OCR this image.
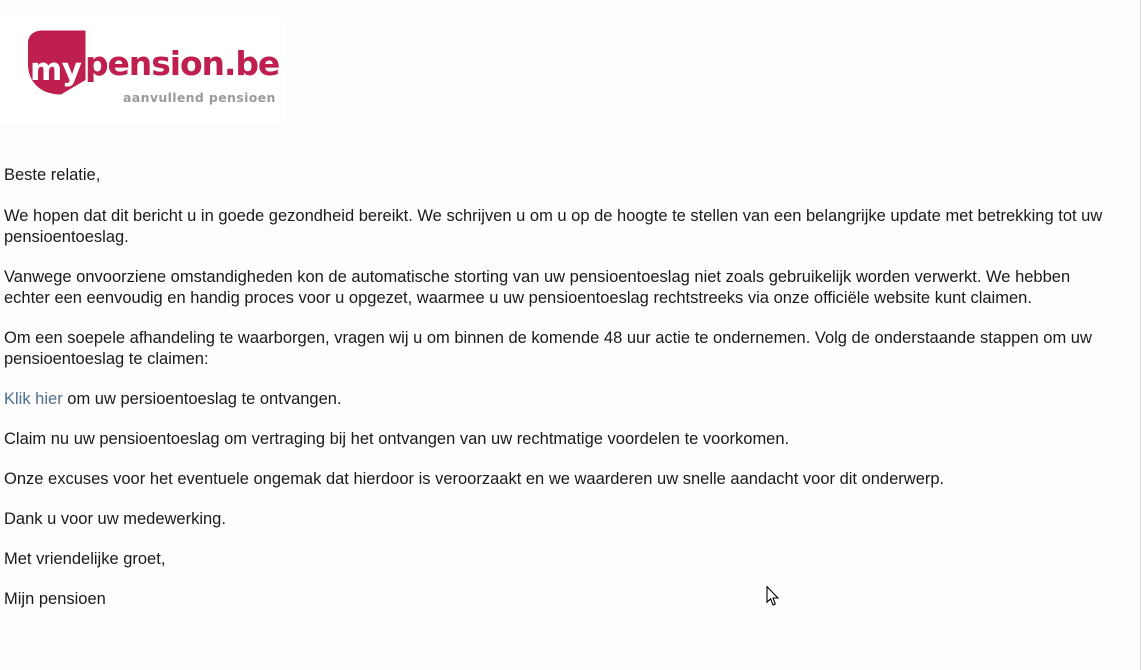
my pension.be
aanvullend pensioen

Beste relatie,

We hopen dat dit bericht u in goede gezondheid bereikt. We schrijven u om u op de hoogte te stellen van een belangrijke update met betrekking tot uw pensioentoeslag.

Vanwege onvoorziene omstandigheden kon de automatische storting van uw pensioentoeslag niet zoals gebruikelijk worden verwerkt. We hebben echter een eenvoudig en handig proces voor u opgezet, waarmee u uw pensioentoeslag rechtstreeks via onze officiële website kunt claimen.

Om een soepele afhandeling te waarborgen, vragen wij u om binnen de komende 48 uur actie te ondernemen. Volg de onderstaande stappen om uw pensioentoeslag te claimen:

Klik hier om uw persioentoeslag te ontvangen.

Claim nu uw pensioentoeslag om vertraging bij het ontvangen van uw rechtmatige voordelen te voorkomen.

Onze excuses voor het eventuele ongemak dat hierdoor is veroorzaakt en we waarderen uw snelle aandacht voor dit onderwerp.

Dank u voor uw medewerking.

Met vriendelijke groet,

Mijn pensioen
